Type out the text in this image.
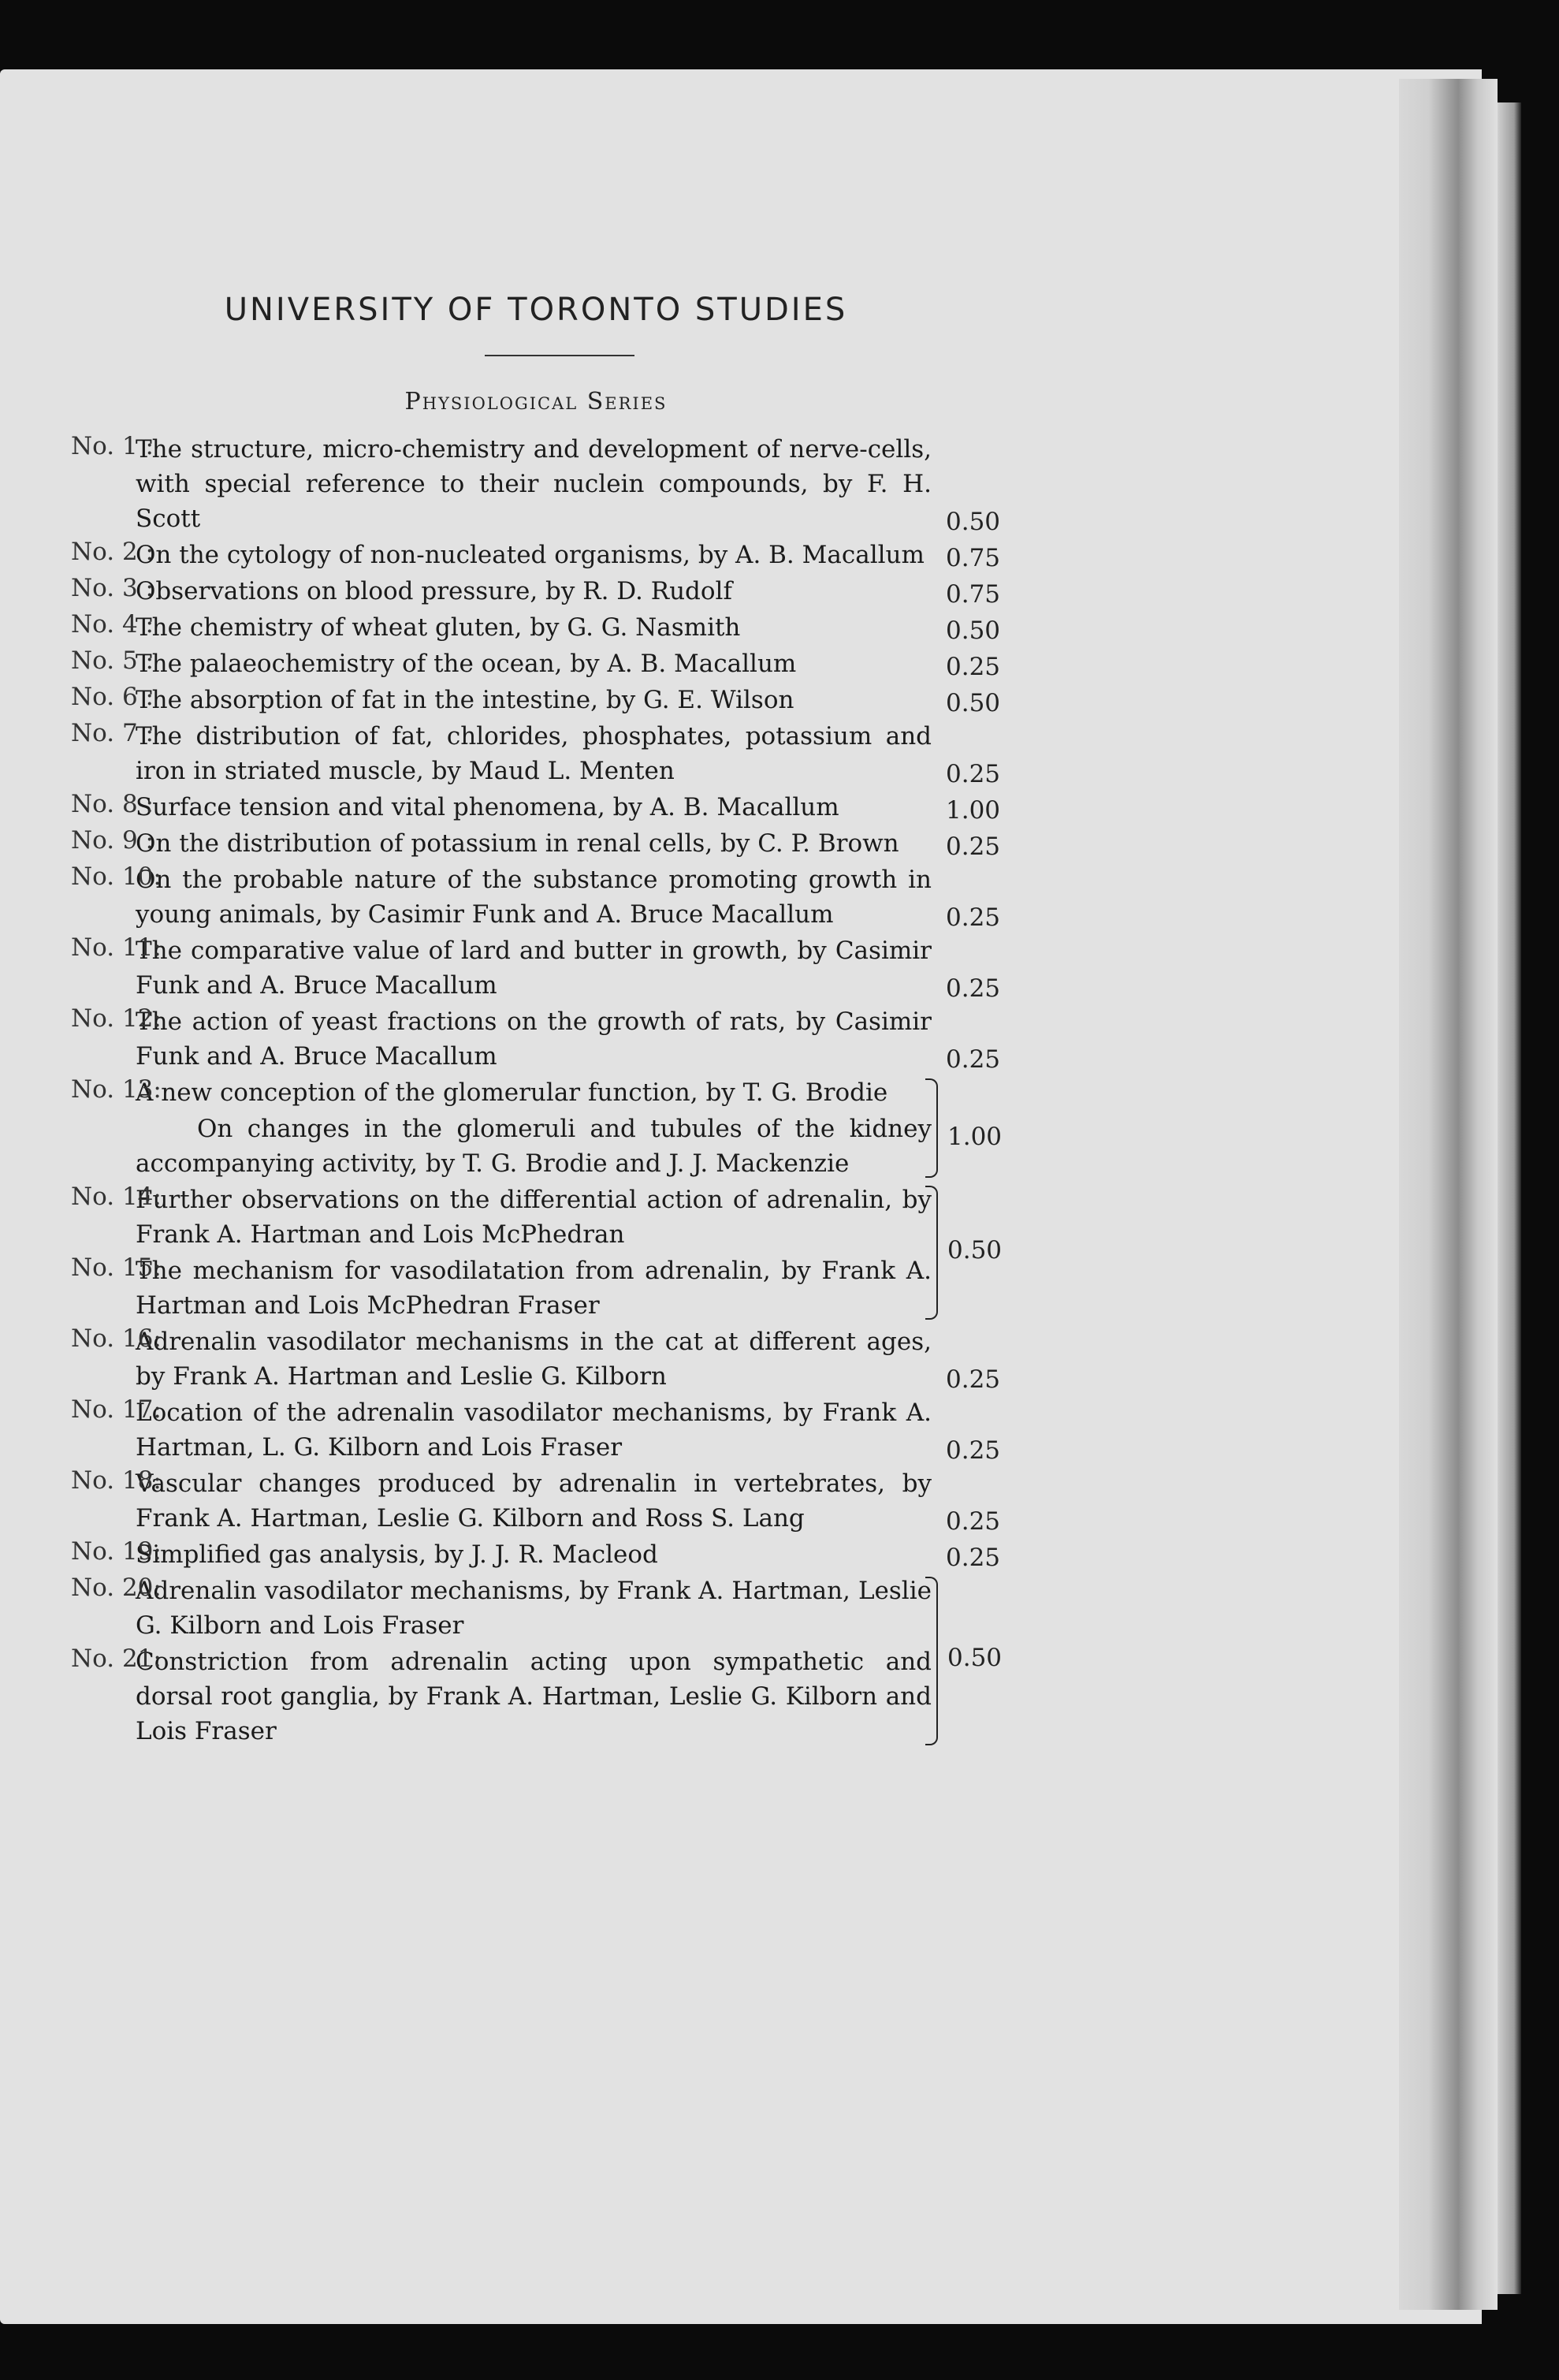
UNIVERSITY OF TORONTO STUDIES
Physiological Series
No. 1 :
The structure, micro-chemistry and development of nerve-cells, with special reference to their nuclein compounds, by F. H. Scott	0.50
No. 2 :
On the cytology of non-nucleated organisms, by A. B. Macallum 0.75
No. 3 :
Observations on blood pressure, by R. D. Rudolf	0.75
No. 4 :
The chemistry of wheat gluten, by G. G. Nasmith	0.50
No. 5 :
The palaeochemistry of the ocean, by A. B. Macallum	0.25
No. 6 :
The absorption of fat in the intestine, by G. E. Wilson	0.50
No. 7 :
The distribution of fat, chlorides, phosphates, potassium and iron in striated muscle, by Maud L. Menten	0.25
No. 8 :
Surface tension and vital phenomena, by A. B. Macallum	1.00
No. 9 :
On the distribution of potassium in renal cells, by C. P. Brown	0.25
No. 10:
On the probable nature of the substance promoting growth in young animals, by Casimir Funk and A. Bruce Macallum	0.25
No. 11:
The comparative value of lard and butter in growth, by Casimir Funk and A. Bruce Macallum	0.25
No. 12:
The action of yeast fractions on the growth of rats, by Casimir Funk and A. Bruce Macallum	0.25
No. 13:
A new conception of the glomerular function, by T. G. Brodie
On changes in the glomeruli and tubules of the kidney accompanying activity, by T. G. Brodie and J. J. Mackenzie
1.00
No. 14:
Further observations on the differential action of adrenalin, by Frank A. Hartman and Lois McPhedran
No. 15:
The mechanism for vasodilatation from adrenalin, by Frank A. Hartman and Lois McPhedran Fraser
0.50
No. 16:
Adrenalin vasodilator mechanisms in the cat at different ages, by Frank A. Hartman and Leslie G. Kilborn	0.25
No. 17:
Location of the adrenalin vasodilator mechanisms, by Frank A. Hartman, L. G. Kilborn and Lois Fraser	0.25
No. 18:
Vascular changes produced by adrenalin in vertebrates, by Frank A. Hartman, Leslie G. Kilborn and Ross S. Lang	0.25
No. 19:
Simplified gas analysis, by J. J. R. Macleod	0.25
No. 20:
Adrenalin vasodilator mechanisms, by Frank A. Hartman, Leslie G. Kilborn and Lois Fraser
No. 21:
Constriction from adrenalin acting upon sympathetic and dorsal root ganglia, by Frank A. Hartman, Leslie G. Kilborn and Lois Fraser
0.50
